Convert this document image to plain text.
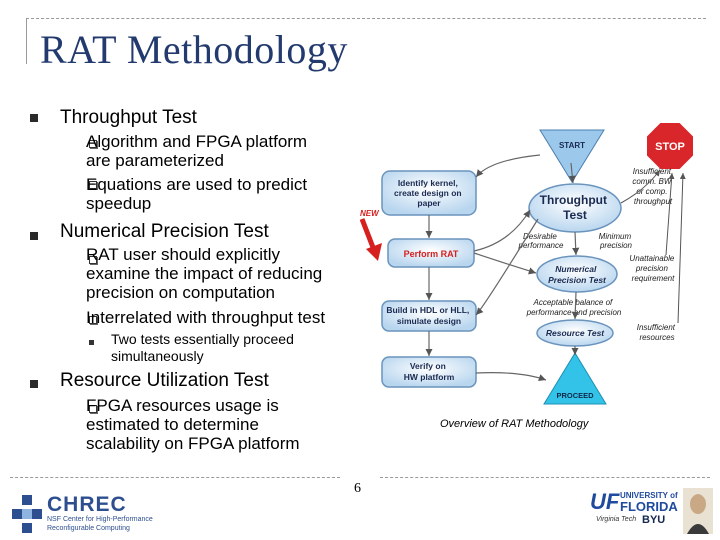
RAT Methodology
Throughput Test
Algorithm and FPGA platform
are parameterized
Equations are used to predict
speedup
Numerical Precision Test
RAT user should explicitly
examine the impact of reducing
precision on computation
Interrelated with throughput test
Two tests essentially proceed
simultaneously
Resource Utilization Test
FPGA resources usage is
estimated to determine
scalability on FPGA platform
START	STOP
Identify kernel, create design on paper
NEW
Throughput Test
Insufficient comm. BW or comp. throughput
Desirable performance
Minimum precision
Perform RAT
Numerical Precision Test
Unattainable precision requirement
Build in HDL or HLL, simulate design
Acceptable balance of performance and precision
Resource Test
Insufficient resources
Verify on HW platform
PROCEED
Overview of RAT Methodology
CHREC
NSF Center for High-Performance
Reconfigurable Computing
6
UF UNIVERSITY of
FLORIDA
Virginia Tech BYU
